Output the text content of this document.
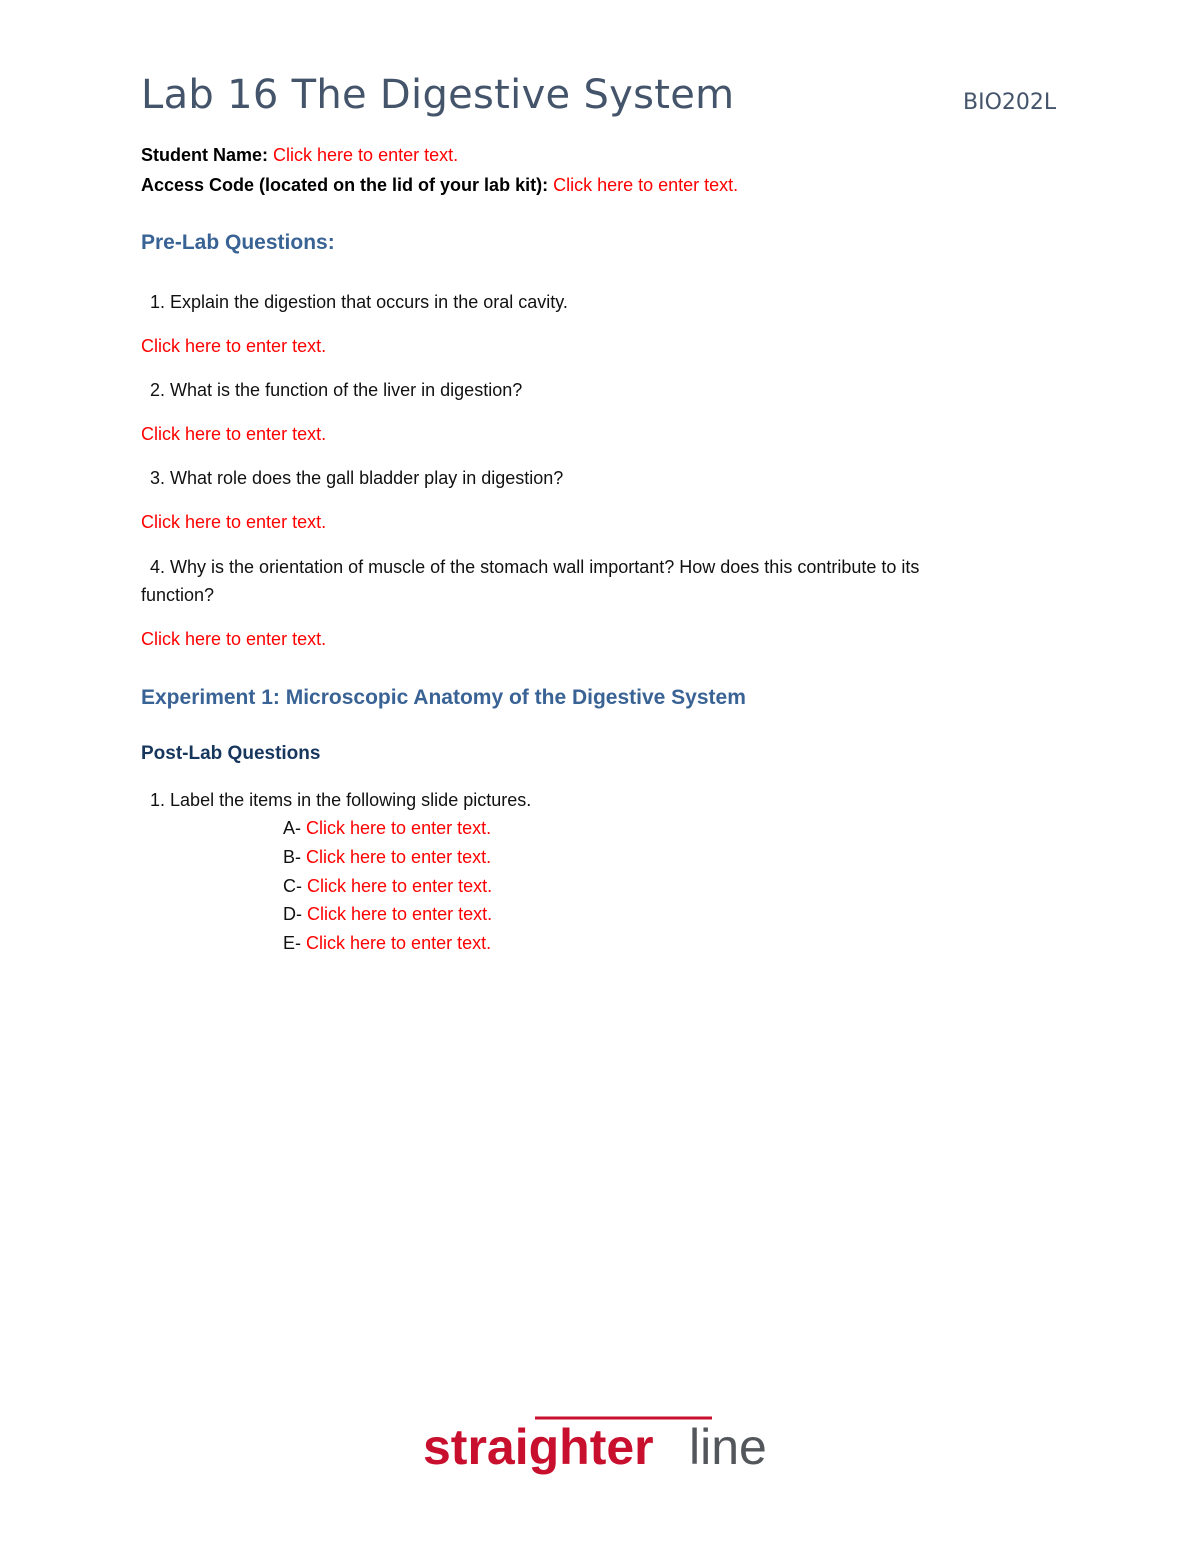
Lab 16 The Digestive System	BIO202L
Student Name: Click here to enter text.
Access Code (located on the lid of your lab kit): Click here to enter text.
Pre-Lab Questions:
1. Explain the digestion that occurs in the oral cavity.
Click here to enter text.
2. What is the function of the liver in digestion?
Click here to enter text.
3. What role does the gall bladder play in digestion?
Click here to enter text.
4. Why is the orientation of muscle of the stomach wall important? How does this contribute to its
function?
Click here to enter text.
Experiment 1: Microscopic Anatomy of the Digestive System
Post-Lab Questions
1. Label the items in the following slide pictures.
A- Click here to enter text.
B- Click here to enter text.
C- Click here to enter text.
D- Click here to enter text.
E- Click here to enter text.
straighter line
